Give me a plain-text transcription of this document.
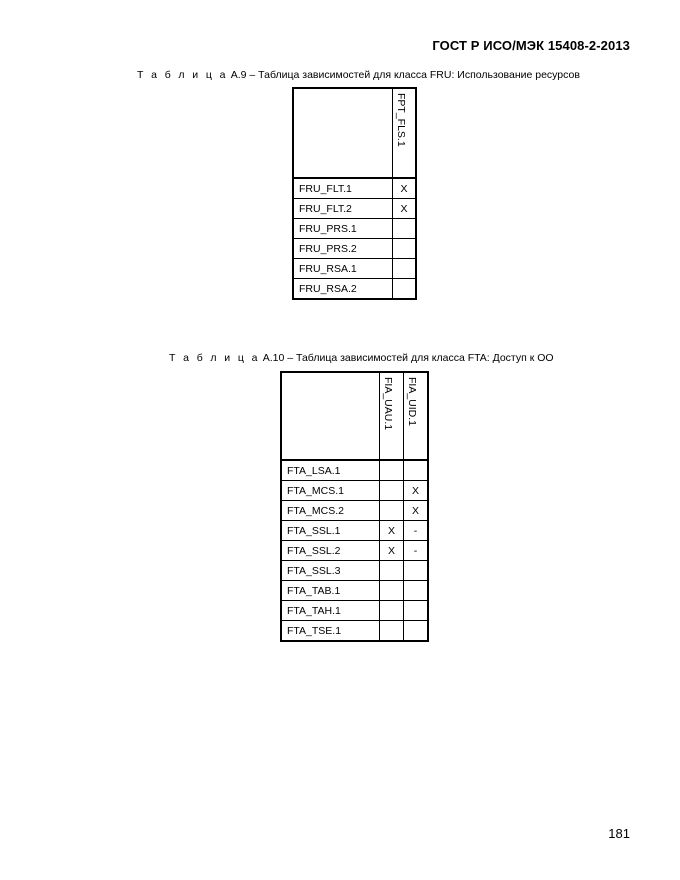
ГОСТ Р ИСО/МЭК 15408-2-2013
Т а б л и ц а А.9 – Таблица зависимостей для класса FRU: Использование ресурсов
	FPT_FLS.1
FRU_FLT.1	X
FRU_FLT.2	X
FRU_PRS.1	
FRU_PRS.2	
FRU_RSA.1	
FRU_RSA.2	
Т а б л и ц а А.10 – Таблица зависимостей для класса FTA: Доступ к ОО
	FIA_UAU.1	FIA_UID.1
FTA_LSA.1		
FTA_MCS.1		X
FTA_MCS.2		X
FTA_SSL.1	X	-
FTA_SSL.2	X	-
FTA_SSL.3		
FTA_TAB.1		
FTA_TAH.1		
FTA_TSE.1		
181
